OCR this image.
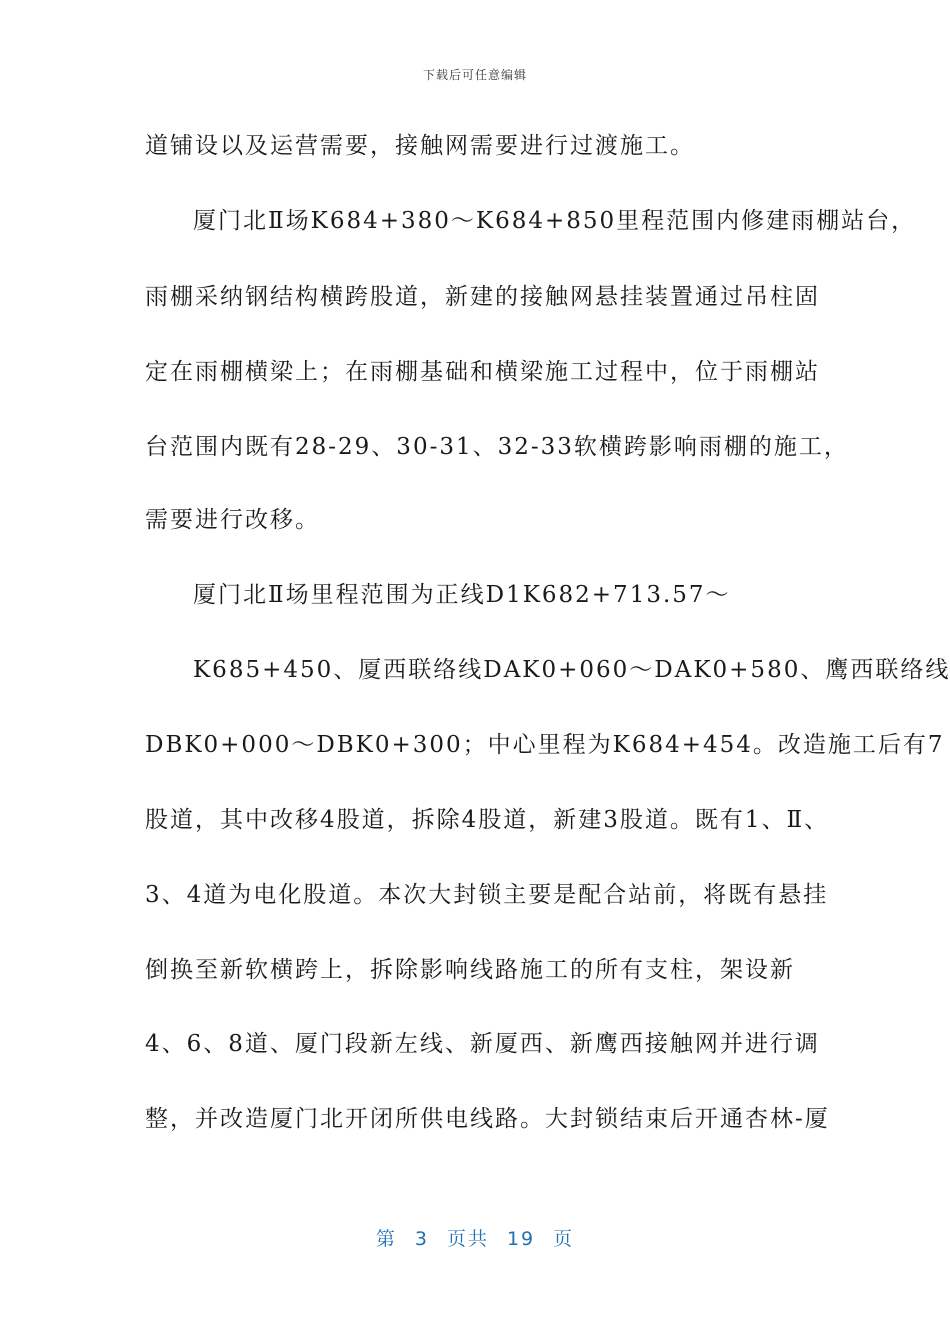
下载后可任意编辑
道铺设以及运营需要，接触网需要进行过渡施工。
厦门北Ⅱ场K684+380～K684+850里程范围内修建雨棚站台，
雨棚采纳钢结构横跨股道，新建的接触网悬挂装置通过吊柱固
定在雨棚横梁上；在雨棚基础和横梁施工过程中，位于雨棚站
台范围内既有28-29、30-31、32-33软横跨影响雨棚的施工，
需要进行改移。
厦门北Ⅱ场里程范围为正线D1K682+713.57～
K685+450、厦西联络线DAK0+060～DAK0+580、鹰西联络线
DBK0+000～DBK0+300；中心里程为K684+454。改造施工后有7
股道，其中改移4股道，拆除4股道，新建3股道。既有1、Ⅱ、
3、4道为电化股道。本次大封锁主要是配合站前，将既有悬挂
倒换至新软横跨上，拆除影响线路施工的所有支柱，架设新
4、6、8道、厦门段新左线、新厦西、新鹰西接触网并进行调
整，并改造厦门北开闭所供电线路。大封锁结束后开通杏林-厦
第 3 页共 19 页
